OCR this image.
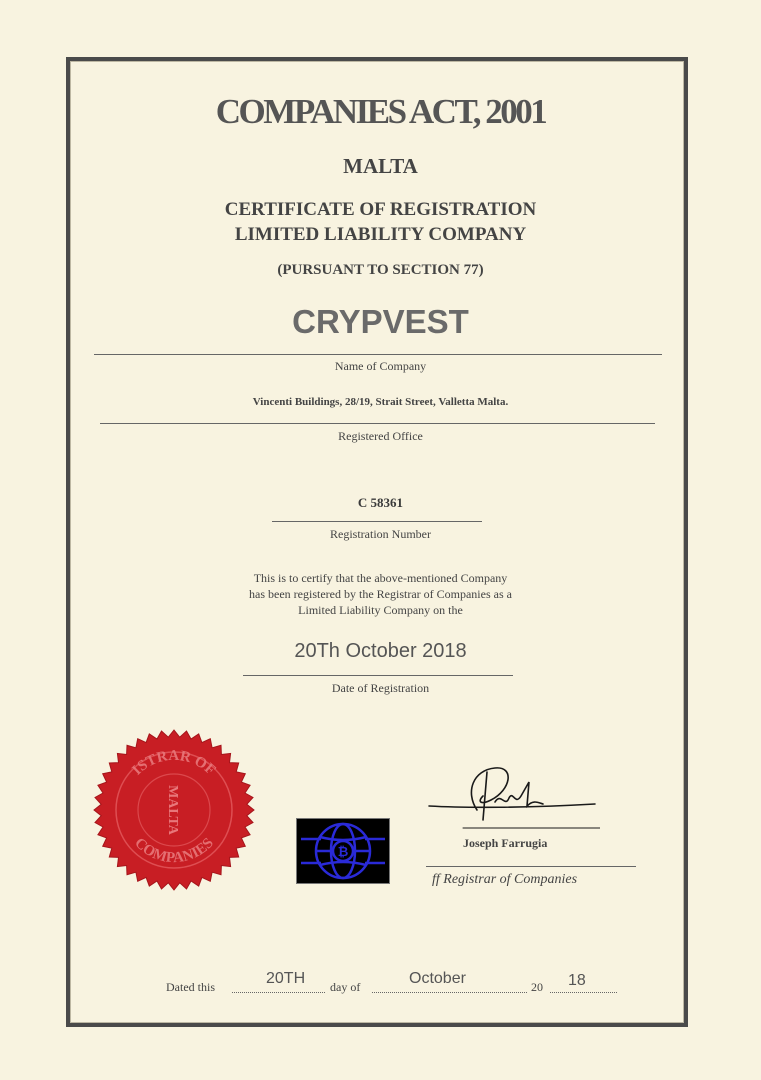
COMPANIES ACT, 2001
MALTA
CERTIFICATE OF REGISTRATION
LIMITED LIABILITY COMPANY
(PURSUANT TO SECTION 77)
CRYPVEST
Name of Company
Vincenti Buildings, 28/19, Strait Street, Valletta Malta.
Registered Office
C 58361
Registration Number
This is to certify that the above-mentioned Company
has been registered by the Registrar of Companies as a
Limited Liability Company on the
20Th October 2018
Date of Registration
ISTRAR OF
COMPANIES
MALTA
₿
Joseph Farrugia
ff Registrar of Companies
Dated this	20TH day of	October	20 18
